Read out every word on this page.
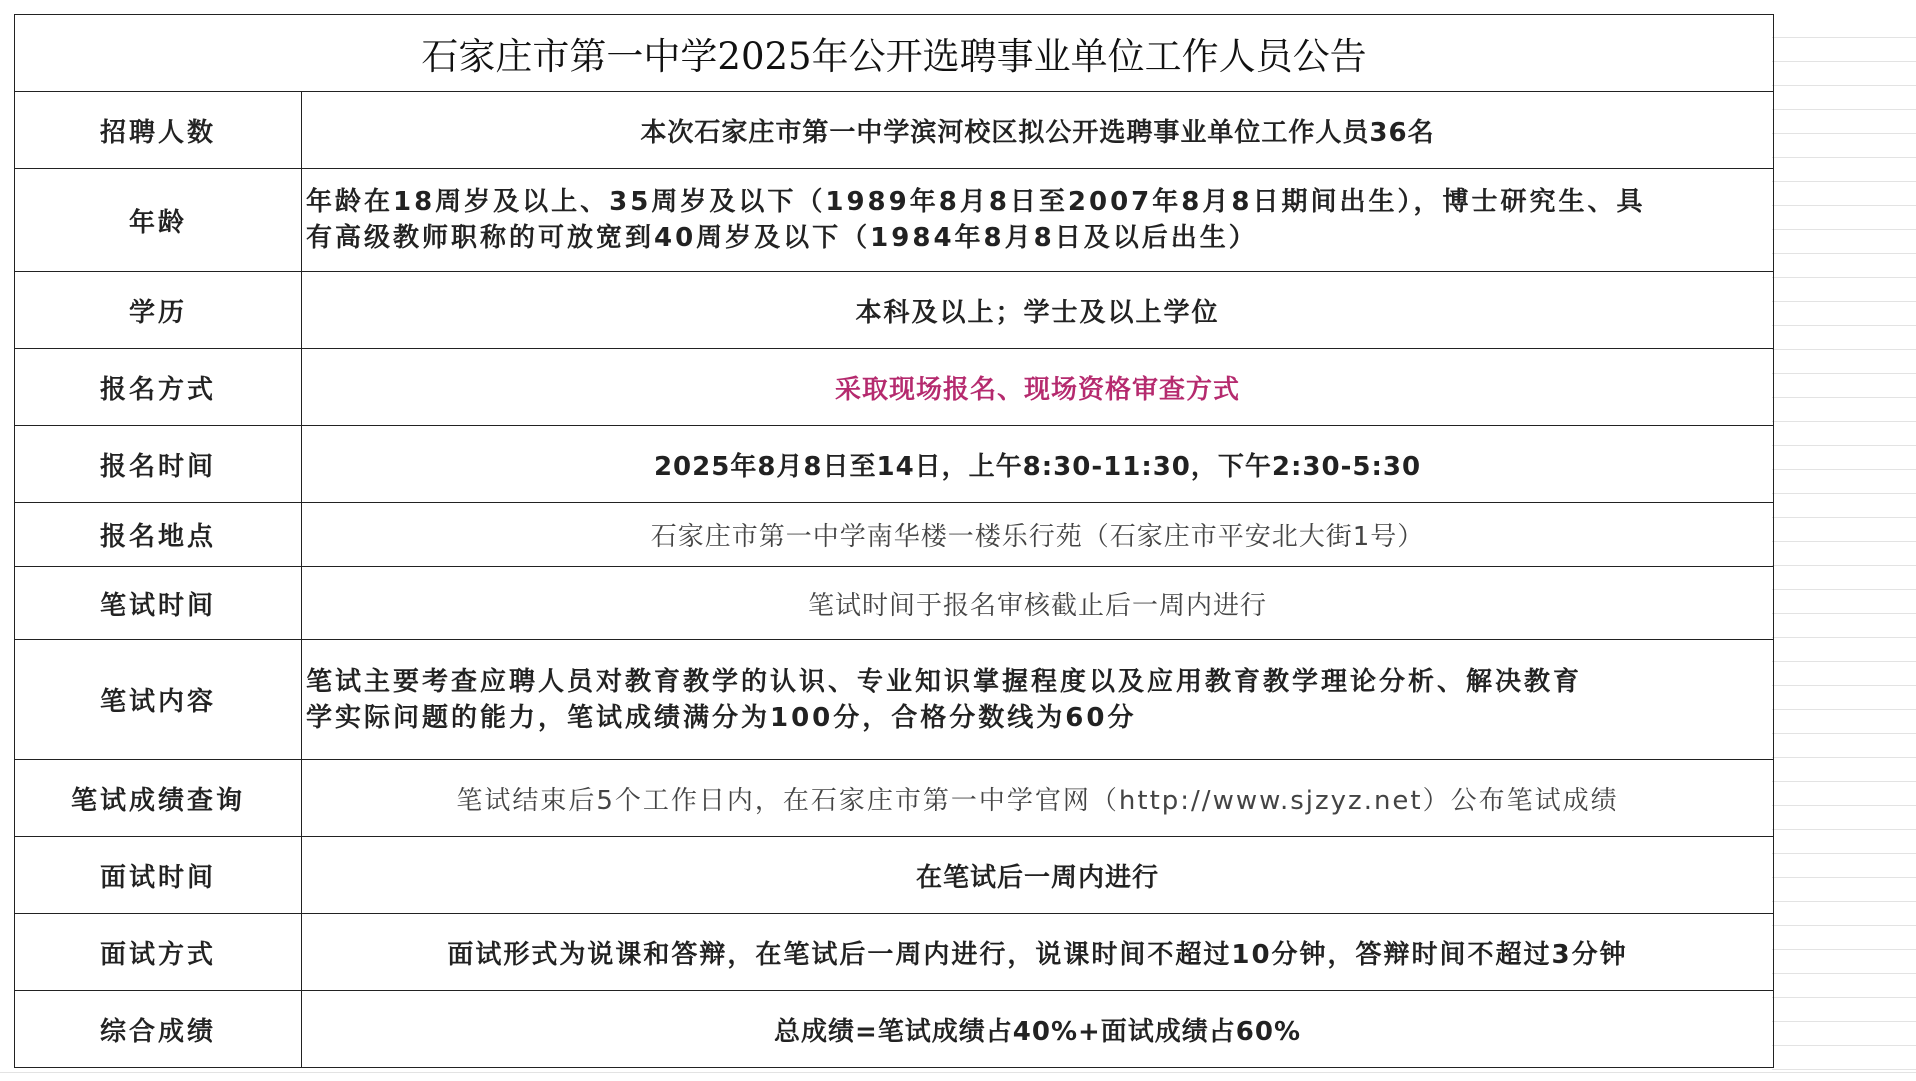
石家庄市第一中学2025年公开选聘事业单位工作人员公告	
招聘人数	本次石家庄市第一中学滨河校区拟公开选聘事业单位工作人员36名
年龄	年龄在18周岁及以上、35周岁及以下（1989年8月8日至2007年8月8日期间出生），博士研究生、具
有高级教师职称的可放宽到40周岁及以下（1984年8月8日及以后出生）

学历	本科及以上；学士及以上学位
报名方式	采取现场报名、现场资格审查方式
报名时间	2025年8月8日至14日，上午8:30-11:30，下午2:30-5:30
报名地点	石家庄市第一中学南华楼一楼乐行苑（石家庄市平安北大街1号）
笔试时间	笔试时间于报名审核截止后一周内进行
笔试内容	笔试主要考查应聘人员对教育教学的认识、专业知识掌握程度以及应用教育教学理论分析、解决教育
学实际问题的能力，笔试成绩满分为100分，合格分数线为60分

笔试成绩查询	笔试结束后5个工作日内，在石家庄市第一中学官网（http://www.sjzyz.net）公布笔试成绩
面试时间	在笔试后一周内进行
面试方式	面试形式为说课和答辩，在笔试后一周内进行，说课时间不超过10分钟，答辩时间不超过3分钟
综合成绩	总成绩=笔试成绩占40%+面试成绩占60%
